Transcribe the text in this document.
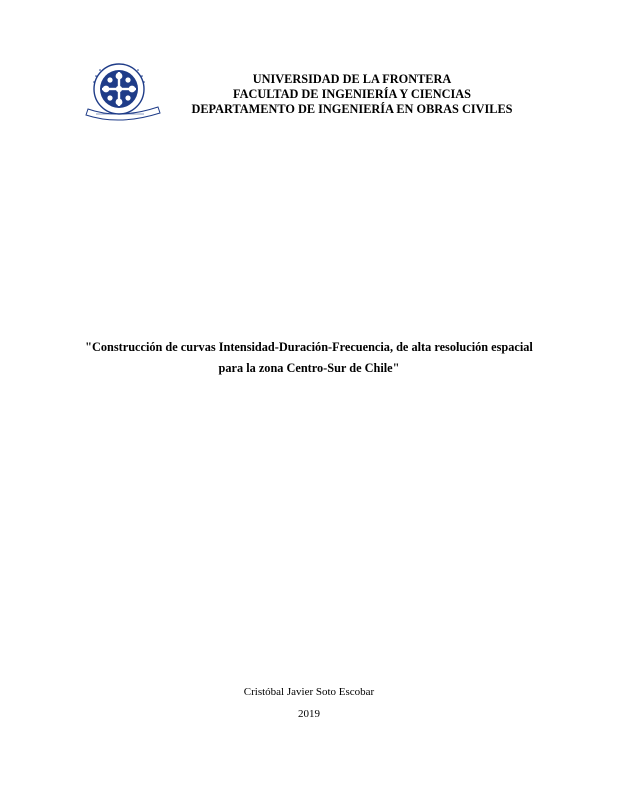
UNIVERSIDAD DE LA FRONTERA
FACULTAD DE INGENIERÍA Y CIENCIAS
DEPARTAMENTO DE INGENIERÍA EN OBRAS CIVILES
"Construcción de curvas Intensidad-Duración-Frecuencia, de alta resolución espacial
para la zona Centro-Sur de Chile"
Cristóbal Javier Soto Escobar
2019
